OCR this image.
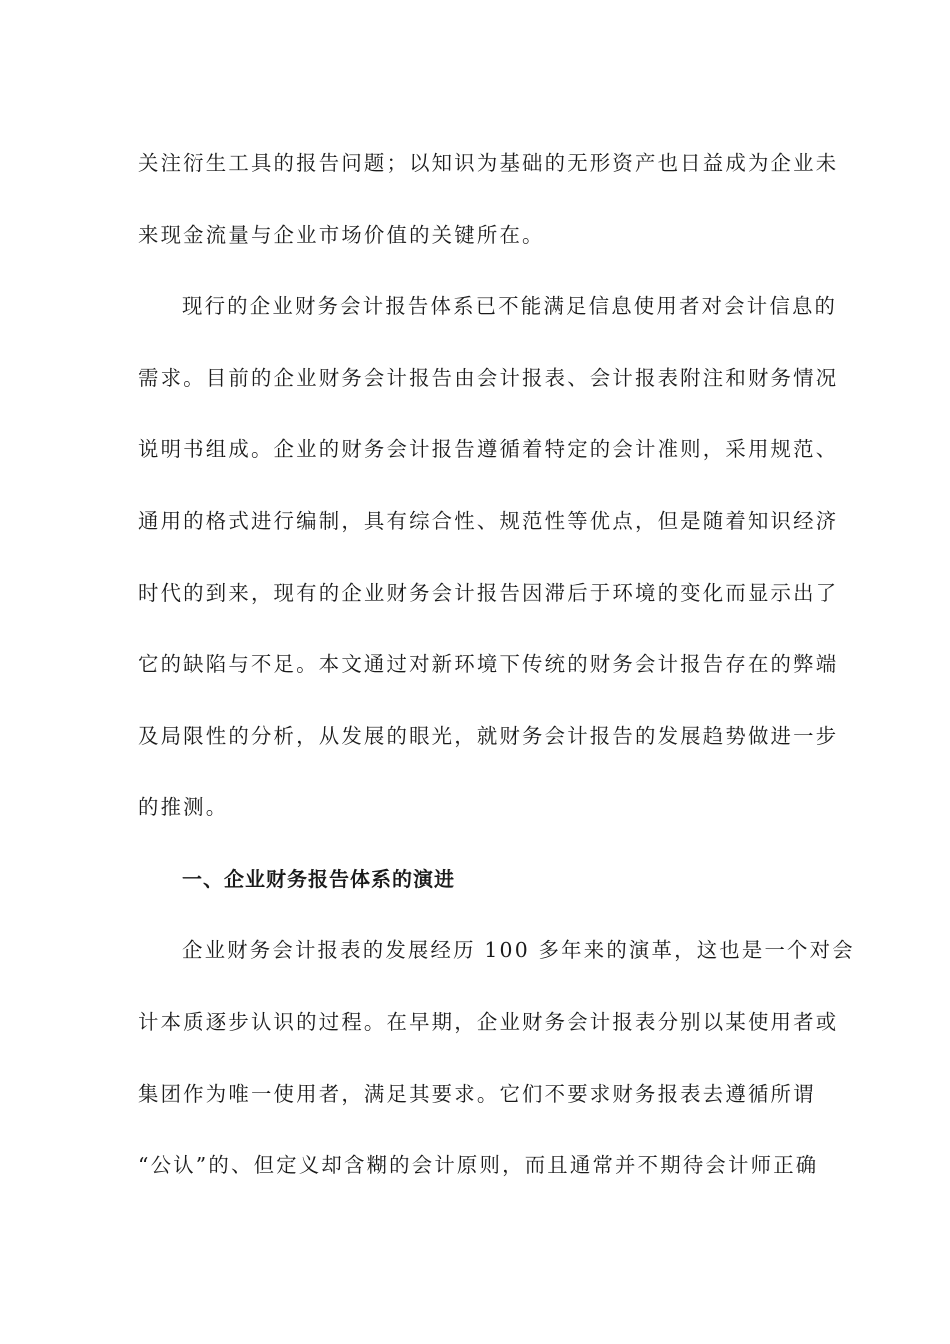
关注衍生工具的报告问题；以知识为基础的无形资产也日益成为企业未
来现金流量与企业市场价值的关键所在。
现行的企业财务会计报告体系已不能满足信息使用者对会计信息的
需求。目前的企业财务会计报告由会计报表、会计报表附注和财务情况
说明书组成。企业的财务会计报告遵循着特定的会计准则，采用规范、
通用的格式进行编制，具有综合性、规范性等优点，但是随着知识经济
时代的到来，现有的企业财务会计报告因滞后于环境的变化而显示出了
它的缺陷与不足。本文通过对新环境下传统的财务会计报告存在的弊端
及局限性的分析，从发展的眼光，就财务会计报告的发展趋势做进一步
的推测。
一、企业财务报告体系的演进
企业财务会计报表的发展经历 100 多年来的演革，这也是一个对会
计本质逐步认识的过程。在早期，企业财务会计报表分别以某使用者或
集团作为唯一使用者，满足其要求。它们不要求财务报表去遵循所谓
“公认”的、但定义却含糊的会计原则，而且通常并不期待会计师正确
